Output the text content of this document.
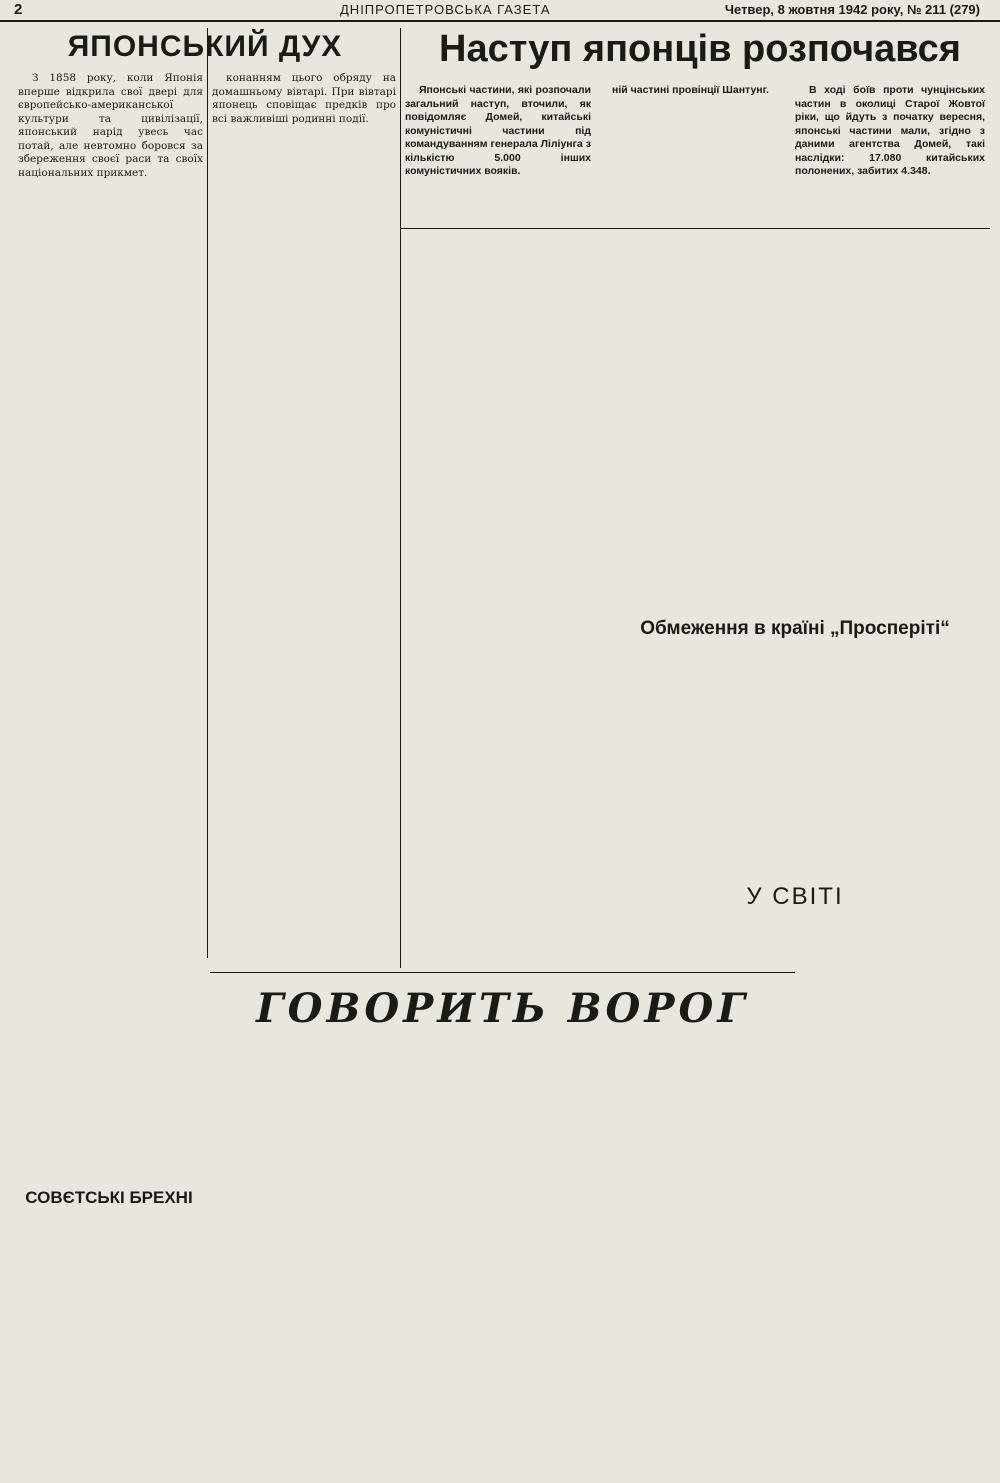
2	ДНІПРОПЕТРОВСЬКА ГАЗЕТА	Четвер, 8 жовтня 1942 року, № 211 (279)
ЯПОНСЬКИЙ ДУХ	Наступ японців розпочався

З 1858 року, коли Японія вперше відкрила свої двері для європейсько-американської культури та цивілізації, японський нарід увесь час потай, але невтомно боровся за збереження своєї раси та своїх національних прикмет.

конанням цього обряду на домашньому вівтарі. При вівтарі японець сповіщає предків про всі важливіші родинні події.

Японські частини, які розпочали загальний наступ, вточили, як повідомляє Домей, китайські комуністичні частини під командуванням генерала Ліліунга з кількістю 5.000 інших комуністичних вояків.

ній частині провінції Шантунг.	В ході боїв проти чунцінських частин в околиці Старої Жовтої ріки, що йдуть з початку вересня, японські частини мали, згідно з даними агентства Домей, такі наслідки: 17.080 китайських полонених, забитих 4.348.

Обмеження в країні „Просперіті“
У СВІТІ
ГОВОРИТЬ ВОРОГ
СОВЄТСЬКІ БРЕХНІ
